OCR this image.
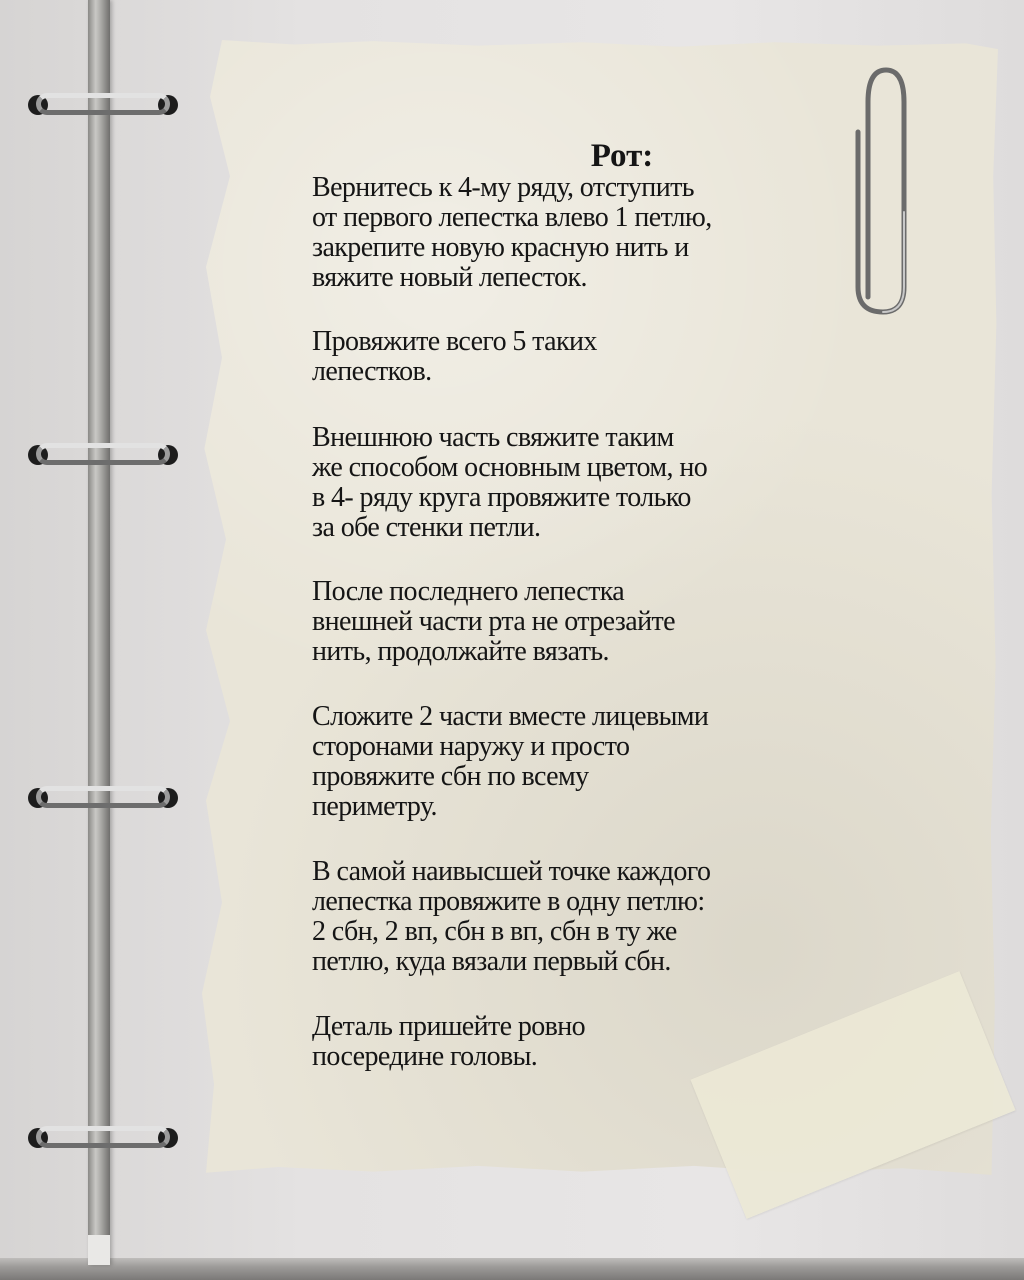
Рот:
Вернитесь к 4-му ряду, отступить
от первого лепестка влево 1 петлю,
закрепите новую красную нить и
вяжите новый лепесток.
Провяжите всего 5 таких
лепестков.
Внешнюю часть свяжите таким
же способом основным цветом, но
в 4- ряду круга провяжите только
за обе стенки петли.
После последнего лепестка
внешней части рта не отрезайте
нить, продолжайте вязать.
Сложите 2 части вместе лицевыми
сторонами наружу и просто
провяжите сбн по всему
периметру.
В самой наивысшей точке каждого
лепестка провяжите в одну петлю:
2 сбн, 2 вп, сбн в вп, сбн в ту же
петлю, куда вязали первый сбн.
Деталь пришейте ровно
посередине головы.
